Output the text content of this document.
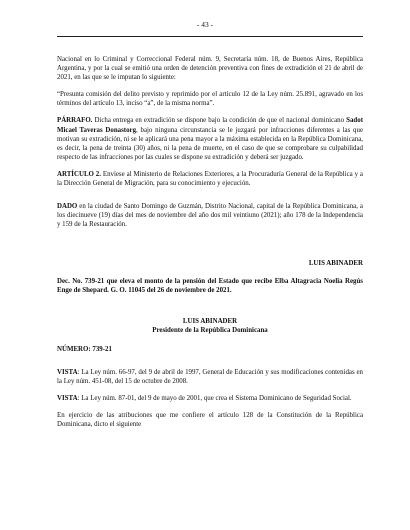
- 43 -

Nacional en lo Criminal y Correccional Federal núm. 9, Secretaría núm. 18, de Buenos Aires, República Argentina, y por la cual se emitió una orden de detención preventiva con fines de extradición el 21 de abril de 2021, en las que se le imputan lo siguiente:

“Presunta comisión del delito previsto y reprimido por el artículo 12 de la Ley núm. 25.891, agravado en los términos del artículo 13, inciso “a”, de la misma norma”.

PÁRRAFO. Dicha entrega en extradición se dispone bajo la condición de que el nacional dominicano Sadot Micael Taveras Donastorg, bajo ninguna circunstancia se le juzgará por infracciones diferentes a las que motivan su extradición, ni se le aplicará una pena mayor a la máxima establecida en la República Dominicana, es decir, la pena de treinta (30) años, ni la pena de muerte, en el caso de que se comprobare su culpabilidad respecto de las infracciones por las cuales se dispone su extradición y deberá ser juzgado.

ARTÍCULO 2. Envíese al Ministerio de Relaciones Exteriores, a la Procuraduría General de la República y a la Dirección General de Migración, para su conocimiento y ejecución.

DADO en la ciudad de Santo Domingo de Guzmán, Distrito Nacional, capital de la República Dominicana, a los diecinueve (19) días del mes de noviembre del año dos mil veintiuno (2021); año 178 de la Independencia y 159 de la Restauración.

LUIS ABINADER

Dec. No. 739-21 que eleva el monto de la pensión del Estado que recibe Elba Altagracia Noelia Regús Enge de Shepard. G. O. 11045 del 26 de noviembre de 2021.

LUIS ABINADER

Presidente de la República Dominicana

NÚMERO: 739-21

VISTA: La Ley núm. 66-97, del 9 de abril de 1997, General de Educación y sus modificaciones contenidas en la Ley núm. 451-08, del 15 de octubre de 2008.

VISTA: La Ley núm. 87-01, del 9 de mayo de 2001, que crea el Sistema Dominicano de Seguridad Social.

En ejercicio de las atribuciones que me confiere el artículo 128 de la Constitución de la República Dominicana, dicto el siguiente
